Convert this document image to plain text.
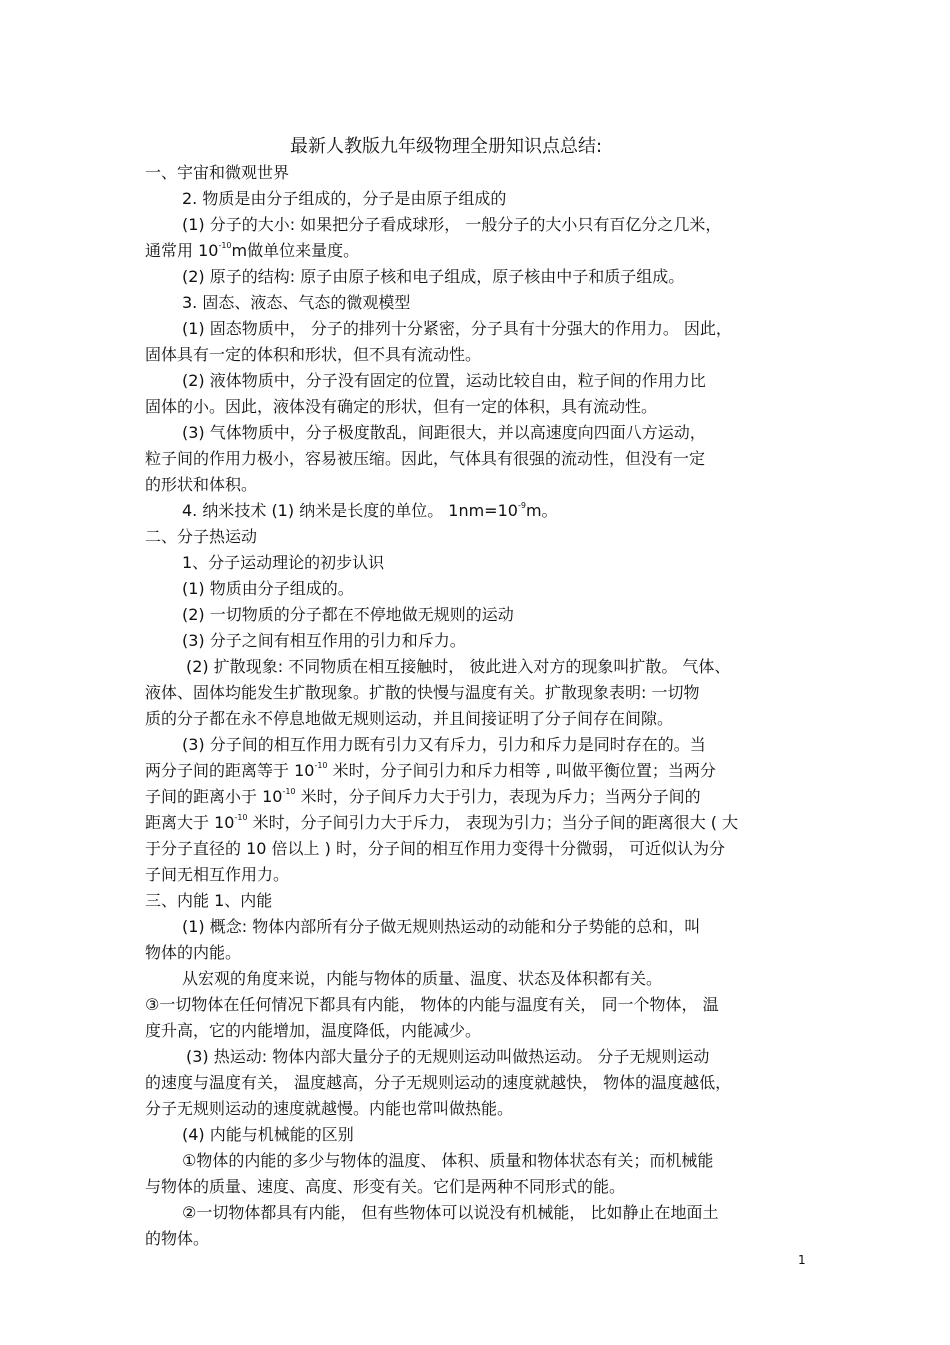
最新人教版九年级物理全册知识点总结:
一、宇宙和微观世界
2. 物质是由分子组成的，分子是由原子组成的
(1) 分子的大小: 如果把分子看成球形， 一般分子的大小只有百亿分之几米，
通常用 $10^{-10}m$做单位来量度。
(2) 原子的结构: 原子由原子核和电子组成，原子核由中子和质子组成。
3. 固态、液态、气态的微观模型
(1) 固态物质中， 分子的排列十分紧密，分子具有十分强大的作用力。 因此，
固体具有一定的体积和形状，但不具有流动性。
(2) 液体物质中，分子没有固定的位置，运动比较自由，粒子间的作用力比
固体的小。因此，液体没有确定的形状，但有一定的体积，具有流动性。
(3) 气体物质中，分子极度散乱，间距很大，并以高速度向四面八方运动，
粒子间的作用力极小，容易被压缩。因此，气体具有很强的流动性，但没有一定
的形状和体积。
4. 纳米技术 (1) 纳米是长度的单位。 $1nm=10^{-9}m$。
二、分子热运动
1、分子运动理论的初步认识
(1) 物质由分子组成的。
(2) 一切物质的分子都在不停地做无规则的运动
(3) 分子之间有相互作用的引力和斥力。
(2) 扩散现象: 不同物质在相互接触时， 彼此进入对方的现象叫扩散。 气体、
液体、固体均能发生扩散现象。扩散的快慢与温度有关。扩散现象表明: 一切物
质的分子都在永不停息地做无规则运动，并且间接证明了分子间存在间隙。
(3) 分子间的相互作用力既有引力又有斥力，引力和斥力是同时存在的。当
两分子间的距离等于 $10^{-10}$ 米时，分子间引力和斥力相等 , 叫做平衡位置；当两分
子间的距离小于 $10^{-10}$ 米时，分子间斥力大于引力，表现为斥力；当两分子间的
距离大于 $10^{-10}$ 米时，分子间引力大于斥力， 表现为引力；当分子间的距离很大 ( 大
于分子直径的 10 倍以上 ) 时，分子间的相互作用力变得十分微弱， 可近似认为分
子间无相互作用力。
三、内能 1、内能
(1) 概念: 物体内部所有分子做无规则热运动的动能和分子势能的总和，叫
物体的内能。
从宏观的角度来说，内能与物体的质量、温度、状态及体积都有关。
③一切物体在任何情况下都具有内能， 物体的内能与温度有关， 同一个物体， 温
度升高，它的内能增加，温度降低，内能减少。
(3) 热运动: 物体内部大量分子的无规则运动叫做热运动。 分子无规则运动
的速度与温度有关， 温度越高，分子无规则运动的速度就越快， 物体的温度越低，
分子无规则运动的速度就越慢。内能也常叫做热能。
(4) 内能与机械能的区别
①物体的内能的多少与物体的温度、 体积、质量和物体状态有关；而机械能
与物体的质量、速度、高度、形变有关。它们是两种不同形式的能。
②一切物体都具有内能， 但有些物体可以说没有机械能， 比如静止在地面土
的物体。
1
